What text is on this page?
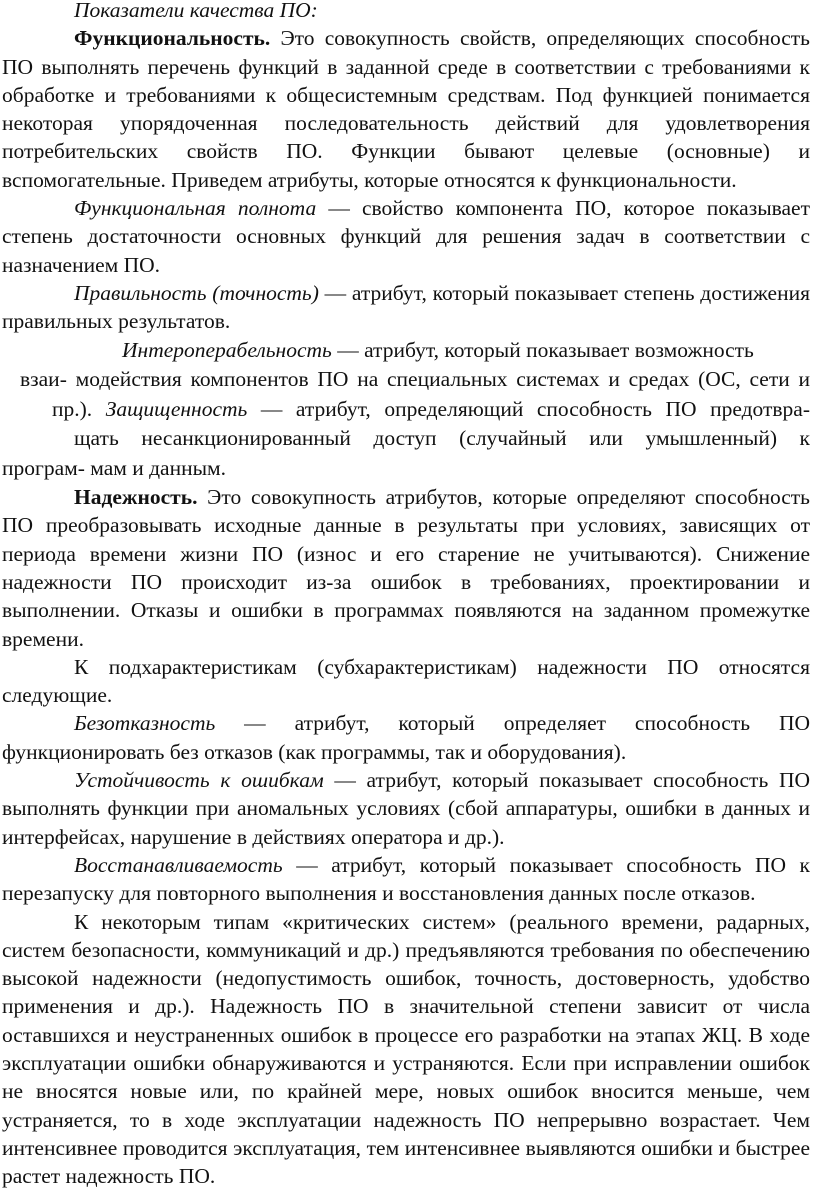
Показатели качества ПО:

Функциональность. Это совокупность свойств, определяющих способность ПО выполнять перечень функций в заданной среде в соответствии с требованиями к обработке и требованиями к общесистемным средствам. Под функцией понимается некоторая упорядоченная последовательность действий для удовлетворения потребительских свойств ПО. Функции бывают целевые (основные) и вспомогательные. Приведем атрибуты, которые относятся к функциональности.

Функциональная полнота — свойство компонента ПО, которое показывает степень достаточности основных функций для решения задач в соответствии с назначением ПО.

Правильность (точность) — атрибут, который показывает степень достижения правильных результатов.

Интероперабельность — атрибут, который показывает возможность

взаи- модействия компонентов ПО на специальных системах и средах (ОС, сети и

пр.). Защищенность — атрибут, определяющий способность ПО предотвра-

щать несанкционированный доступ (случайный или умышленный) к

програм- мам и данным.

Надежность. Это совокупность атрибутов, которые определяют способность ПО преобразовывать исходные данные в результаты при условиях, зависящих от периода времени жизни ПО (износ и его старение не учитываются). Снижение надежности ПО происходит из-за ошибок в требованиях, проектировании и выполнении. Отказы и ошибки в программах появляются на заданном промежутке времени.

К подхарактеристикам (субхарактеристикам) надежности ПО относятся следующие.

Безотказность — атрибут, который определяет способность ПО функционировать без отказов (как программы, так и оборудования).

Устойчивость к ошибкам — атрибут, который показывает способность ПО выполнять функции при аномальных условиях (сбой аппаратуры, ошибки в данных и интерфейсах, нарушение в действиях оператора и др.).

Восстанавливаемость — атрибут, который показывает способность ПО к перезапуску для повторного выполнения и восстановления данных после отказов.

К некоторым типам «критических систем» (реального времени, радарных, систем безопасности, коммуникаций и др.) предъявляются требования по обеспечению высокой надежности (недопустимость ошибок, точность, достоверность, удобство применения и др.). Надежность ПО в значительной степени зависит от числа оставшихся и неустраненных ошибок в процессе его разработки на этапах ЖЦ. В ходе эксплуатации ошибки обнаруживаются и устраняются. Если при исправлении ошибок не вносятся новые или, по крайней мере, новых ошибок вносится меньше, чем устраняется, то в ходе эксплуатации надежность ПО непрерывно возрастает. Чем интенсивнее проводится эксплуатация, тем интенсивнее выявляются ошибки и быстрее растет надежность ПО.
